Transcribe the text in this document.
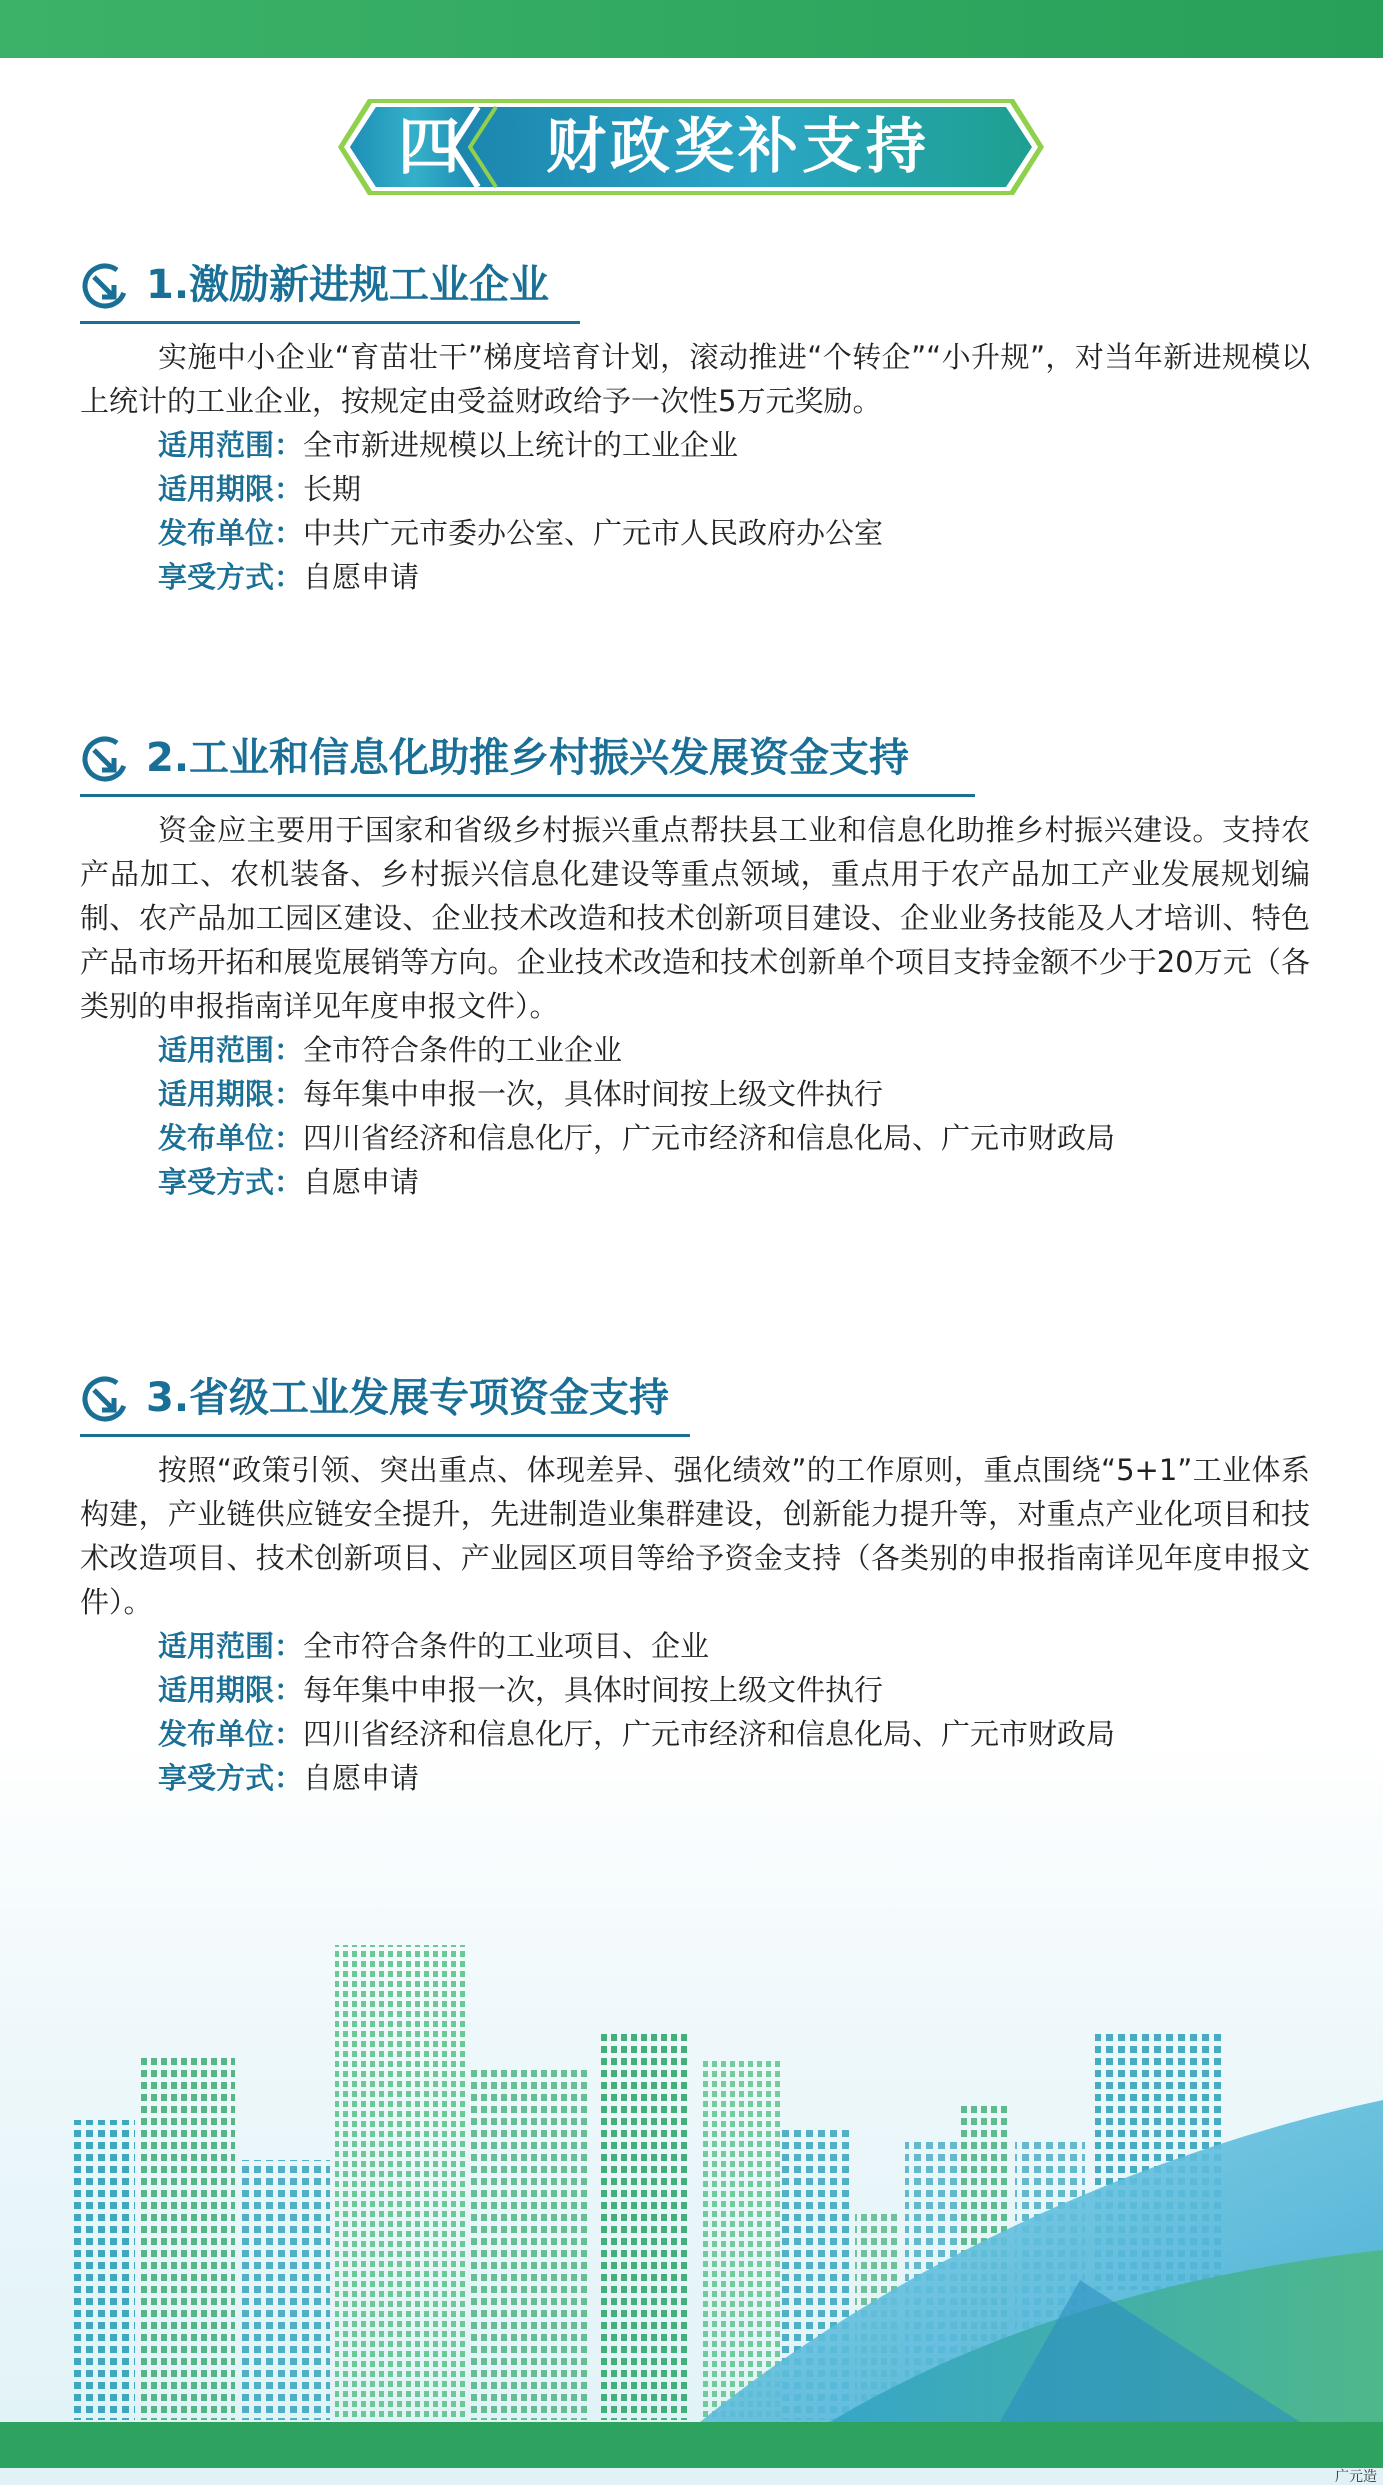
四	财政奖补支持
1.激励新进规工业企业

实施中小企业“育苗壮干”梯度培育计划，滚动推进“个转企”“小升规”，对当年新进规模以上统计的工业企业，按规定由受益财政给予一次性5万元奖励。

适用范围：全市新进规模以上统计的工业企业

适用期限：长期

发布单位：中共广元市委办公室、广元市人民政府办公室

享受方式：自愿申请

2.工业和信息化助推乡村振兴发展资金支持

资金应主要用于国家和省级乡村振兴重点帮扶县工业和信息化助推乡村振兴建设。支持农产品加工、农机装备、乡村振兴信息化建设等重点领域，重点用于农产品加工产业发展规划编制、农产品加工园区建设、企业技术改造和技术创新项目建设、企业业务技能及人才培训、特色产品市场开拓和展览展销等方向。企业技术改造和技术创新单个项目支持金额不少于20万元（各类别的申报指南详见年度申报文件）。

适用范围：全市符合条件的工业企业

适用期限：每年集中申报一次，具体时间按上级文件执行

发布单位：四川省经济和信息化厅，广元市经济和信息化局、广元市财政局

享受方式：自愿申请

3.省级工业发展专项资金支持

按照“政策引领、突出重点、体现差异、强化绩效”的工作原则，重点围绕“5+1”工业体系构建，产业链供应链安全提升，先进制造业集群建设，创新能力提升等，对重点产业化项目和技术改造项目、技术创新项目、产业园区项目等给予资金支持（各类别的申报指南详见年度申报文件）。

适用范围：全市符合条件的工业项目、企业

适用期限：每年集中申报一次，具体时间按上级文件执行

发布单位：四川省经济和信息化厅，广元市经济和信息化局、广元市财政局

享受方式：自愿申请

广元造
